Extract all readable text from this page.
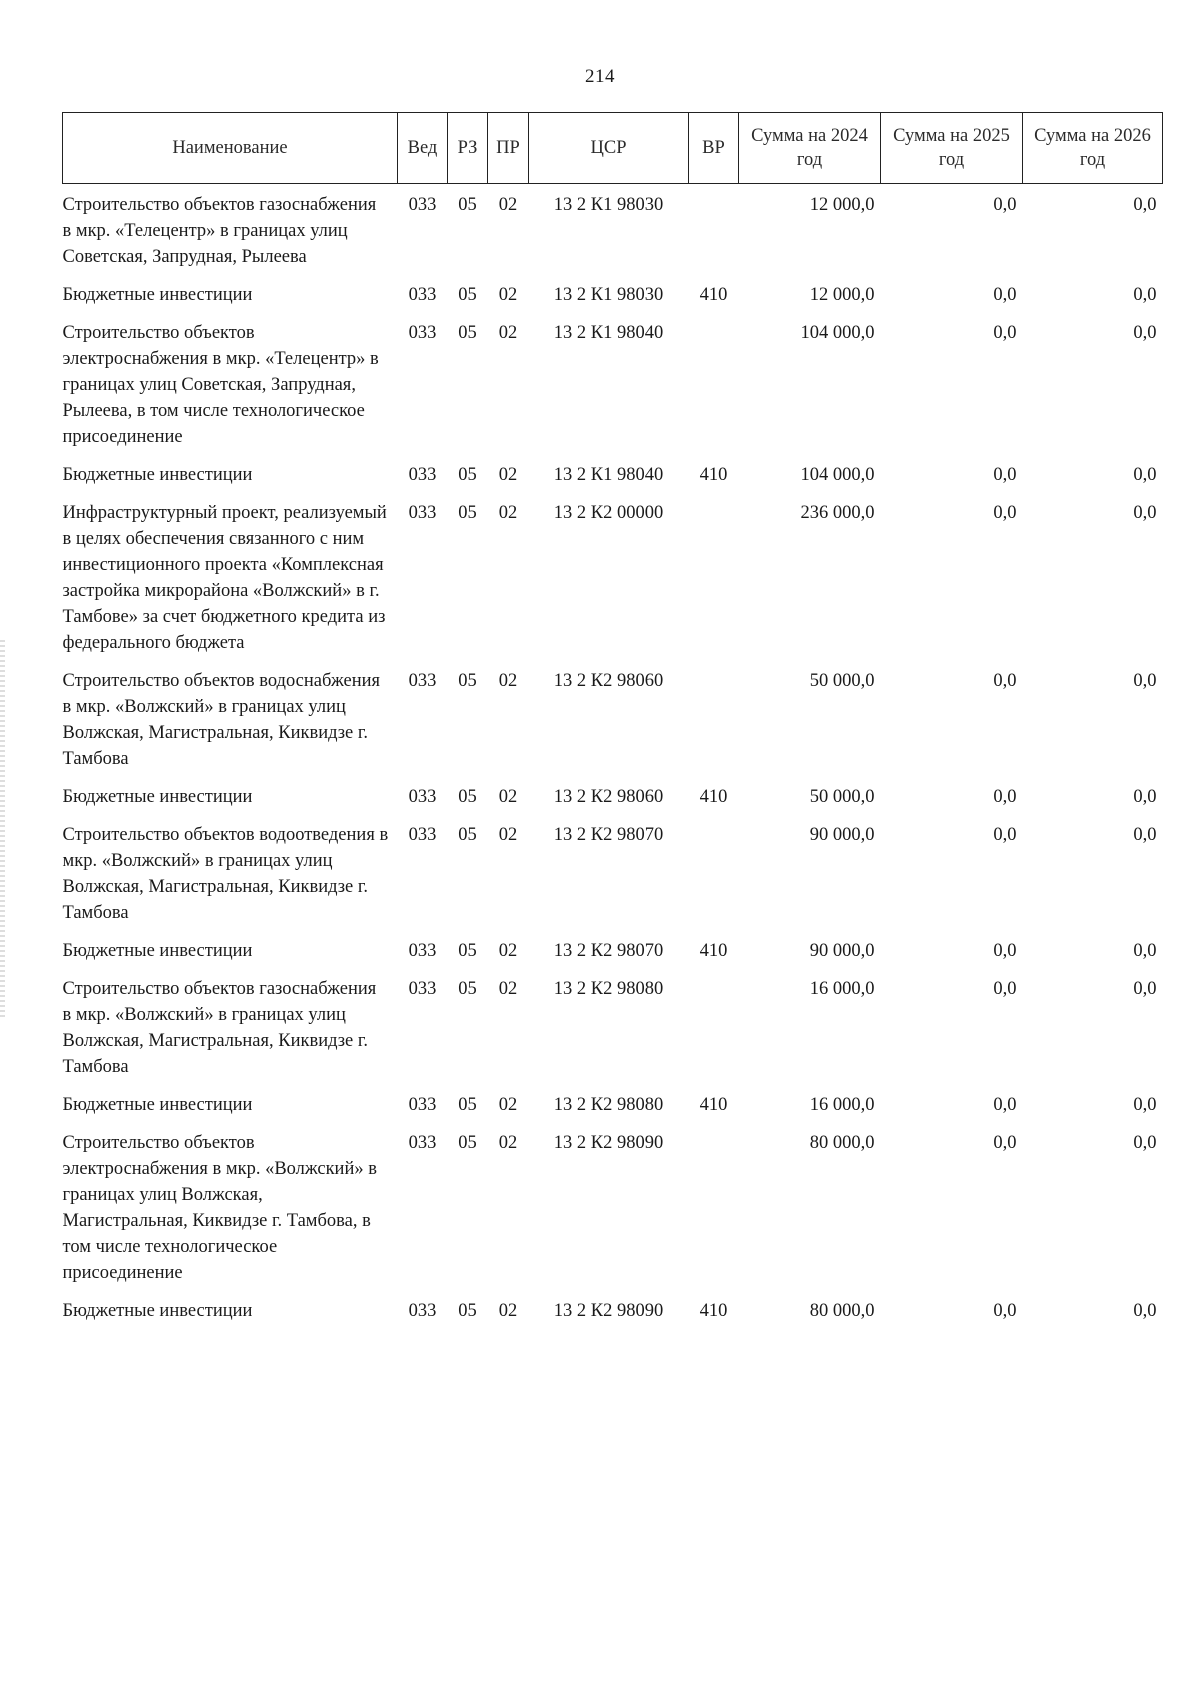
214
Наименование	Вед	РЗ	ПР	ЦСР	ВР	Сумма на 2024 год	Сумма на 2025 год	Сумма на 2026 год
Строительство объектов газоснабжения в мкр. «Телецентр» в границах улиц Советская, Запрудная, Рылеева	033	05	02	13 2 К1 98030		12 000,0	0,0	0,0
Бюджетные инвестиции	033	05	02	13 2 К1 98030	410	12 000,0	0,0	0,0
Строительство объектов электроснабжения в мкр. «Телецентр» в границах улиц Советская, Запрудная, Рылеева, в том числе технологическое присоединение	033	05	02	13 2 К1 98040		104 000,0	0,0	0,0
Бюджетные инвестиции	033	05	02	13 2 К1 98040	410	104 000,0	0,0	0,0
Инфраструктурный проект, реализуемый в целях обеспечения связанного с ним инвестиционного проекта «Комплексная застройка микрорайона «Волжский» в г. Тамбове» за счет бюджетного кредита из федерального бюджета	033	05	02	13 2 К2 00000		236 000,0	0,0	0,0
Строительство объектов водоснабжения в мкр. «Волжский» в границах улиц Волжская, Магистральная, Киквидзе г. Тамбова	033	05	02	13 2 К2 98060		50 000,0	0,0	0,0
Бюджетные инвестиции	033	05	02	13 2 К2 98060	410	50 000,0	0,0	0,0
Строительство объектов водоотведения в мкр. «Волжский» в границах улиц Волжская, Магистральная, Киквидзе г. Тамбова	033	05	02	13 2 К2 98070		90 000,0	0,0	0,0
Бюджетные инвестиции	033	05	02	13 2 К2 98070	410	90 000,0	0,0	0,0
Строительство объектов газоснабжения в мкр. «Волжский» в границах улиц Волжская, Магистральная, Киквидзе г. Тамбова	033	05	02	13 2 К2 98080		16 000,0	0,0	0,0
Бюджетные инвестиции	033	05	02	13 2 К2 98080	410	16 000,0	0,0	0,0
Строительство объектов электроснабжения в мкр. «Волжский» в границах улиц Волжская, Магистральная, Киквидзе г. Тамбова, в том числе технологическое присоединение	033	05	02	13 2 К2 98090		80 000,0	0,0	0,0
Бюджетные инвестиции	033	05	02	13 2 К2 98090	410	80 000,0	0,0	0,0
